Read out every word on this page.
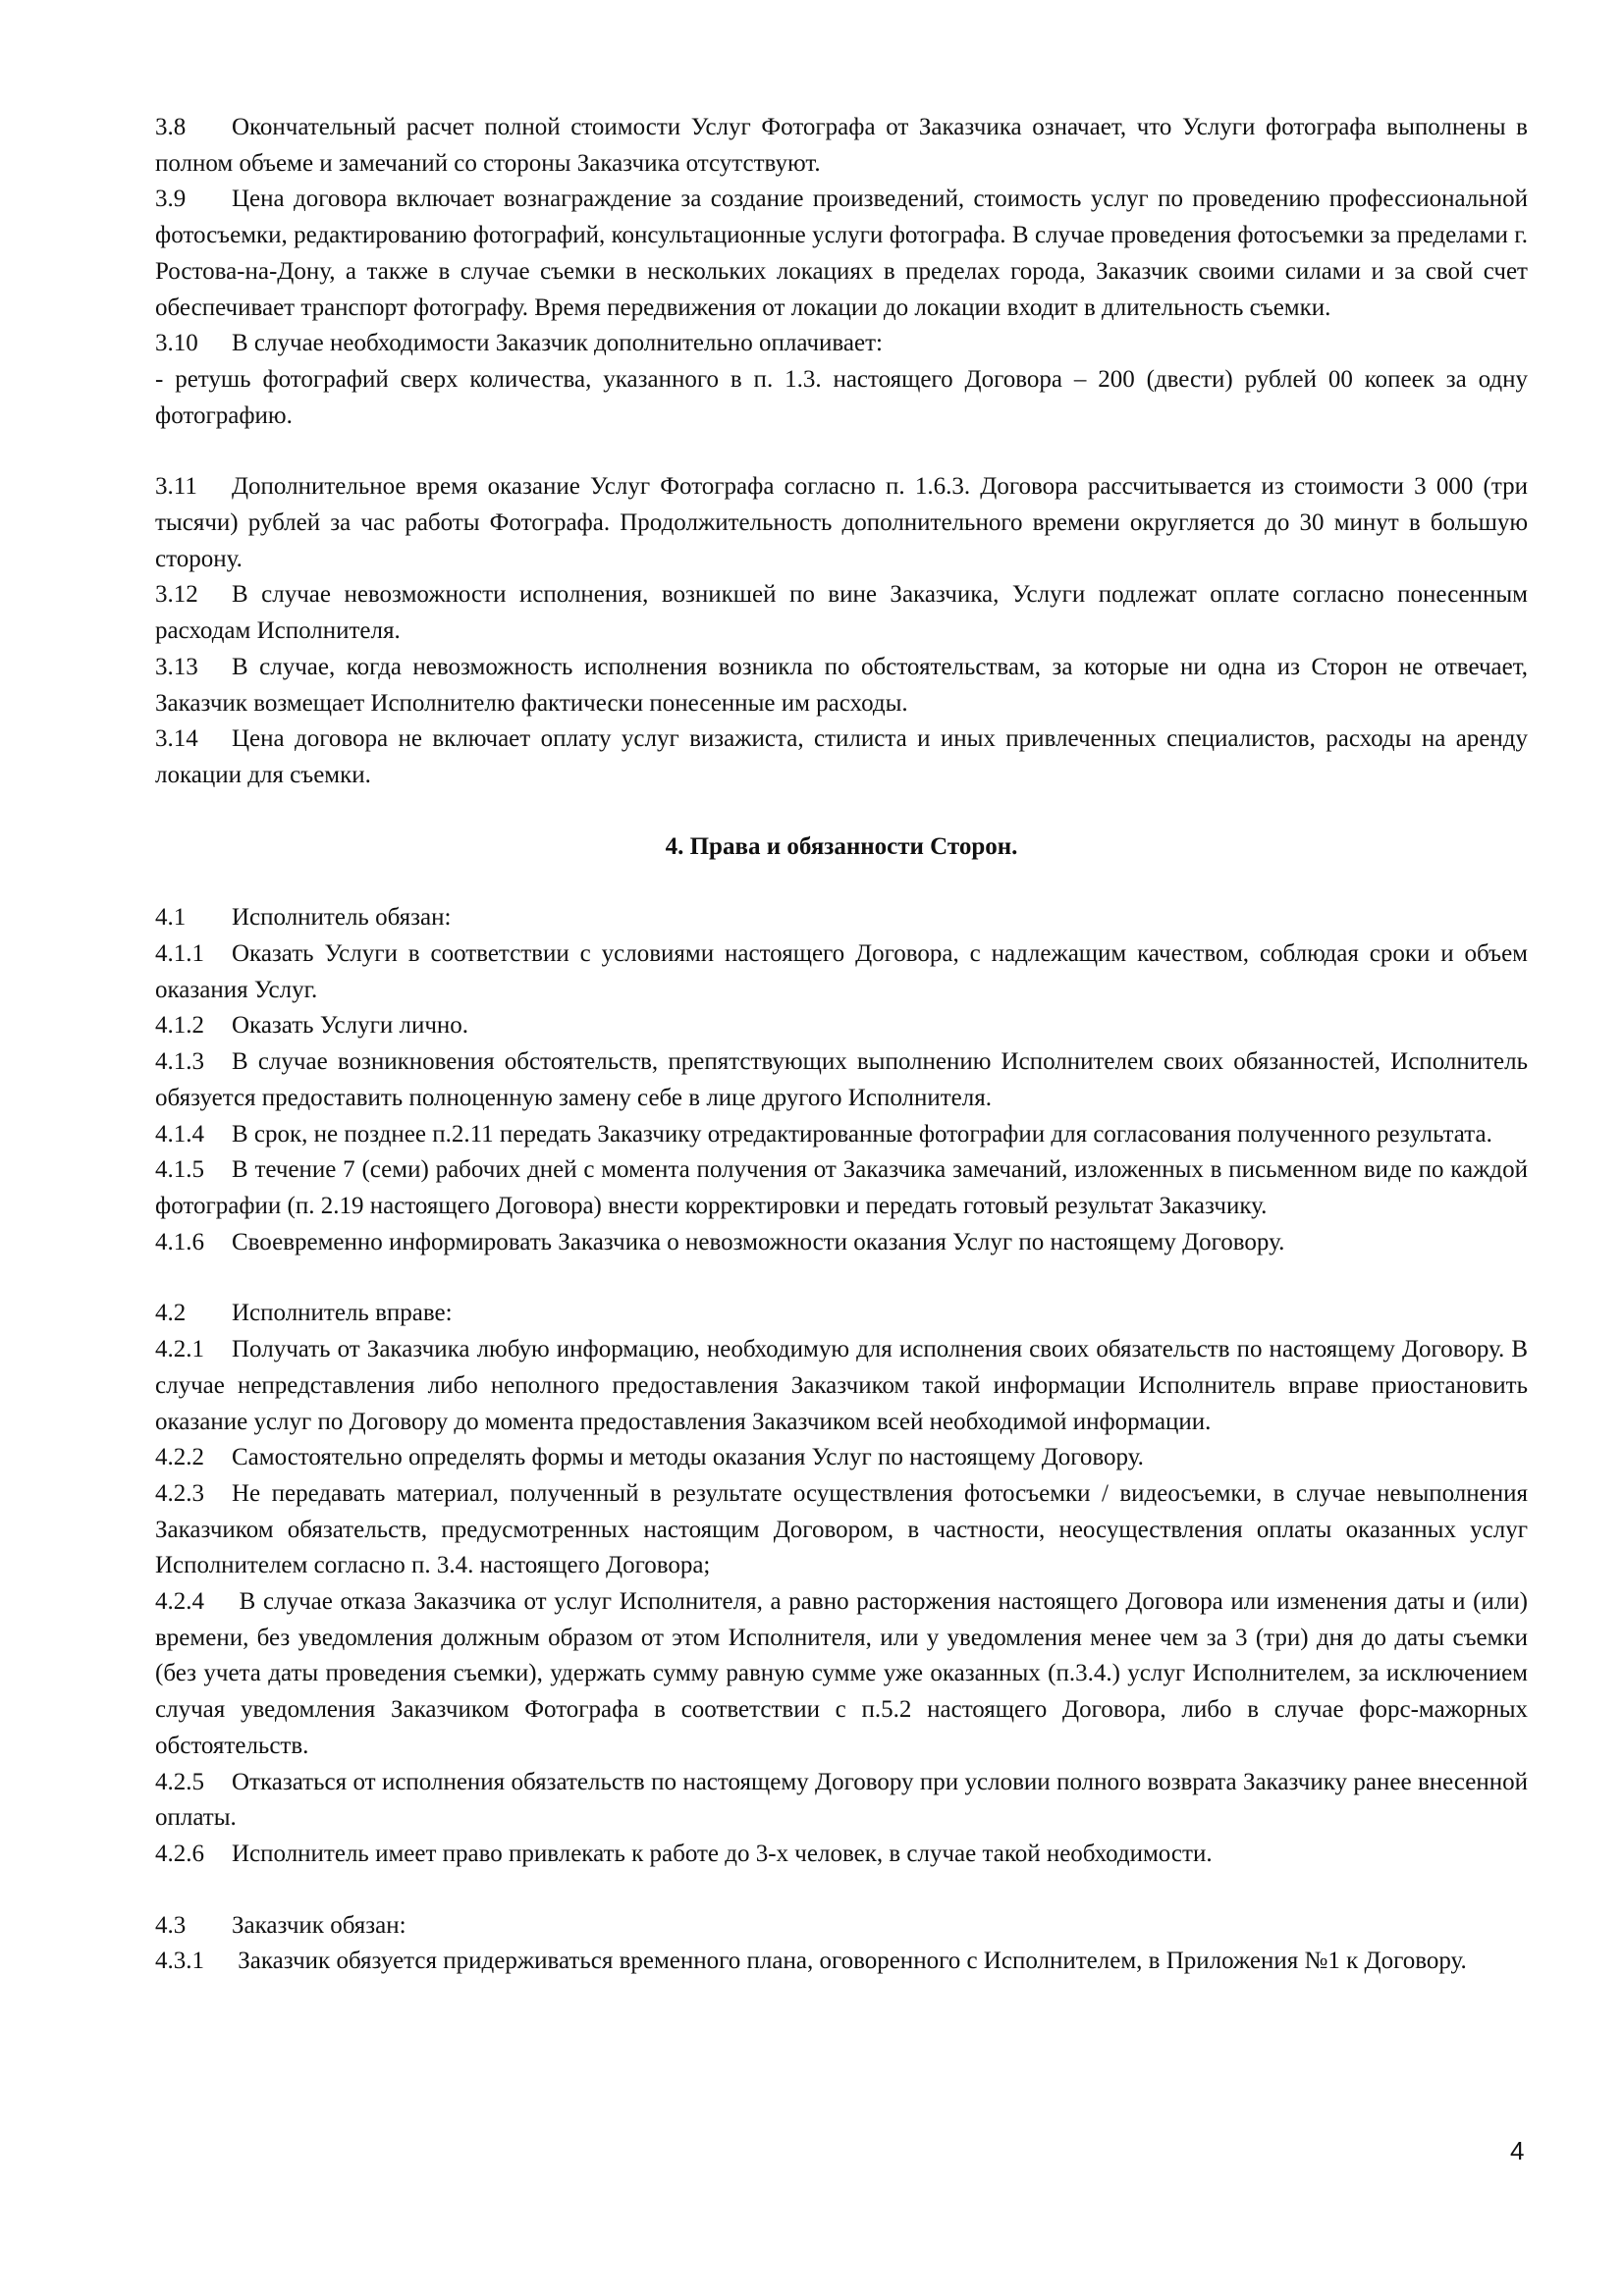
3.8 Окончательный расчет полной стоимости Услуг Фотографа от Заказчика означает, что Услуги фотографа выполнены в полном объеме и замечаний со стороны Заказчика отсутствуют.

3.9 Цена договора включает вознаграждение за создание произведений, стоимость услуг по проведению профессиональной фотосъемки, редактированию фотографий, консультационные услуги фотографа. В случае проведения фотосъемки за пределами г. Ростова-на-Дону, а также в случае съемки в нескольких локациях в пределах города, Заказчик своими силами и за свой счет обеспечивает транспорт фотографу. Время передвижения от локации до локации входит в длительность съемки.

3.10 В случае необходимости Заказчик дополнительно оплачивает:

- ретушь фотографий сверх количества, указанного в п. 1.3. настоящего Договора – 200 (двести) рублей 00 копеек за одну фотографию.

3.11 Дополнительное время оказание Услуг Фотографа согласно п. 1.6.3. Договора рассчитывается из стоимости 3 000 (три тысячи) рублей за час работы Фотографа. Продолжительность дополнительного времени округляется до 30 минут в большую сторону.

3.12 В случае невозможности исполнения, возникшей по вине Заказчика, Услуги подлежат оплате согласно понесенным расходам Исполнителя.

3.13 В случае, когда невозможность исполнения возникла по обстоятельствам, за которые ни одна из Сторон не отвечает, Заказчик возмещает Исполнителю фактически понесенные им расходы.

3.14 Цена договора не включает оплату услуг визажиста, стилиста и иных привлеченных специалистов, расходы на аренду локации для съемки.

4. Права и обязанности Сторон.

4.1 Исполнитель обязан:

4.1.1 Оказать Услуги в соответствии с условиями настоящего Договора, с надлежащим качеством, соблюдая сроки и объем оказания Услуг.

4.1.2 Оказать Услуги лично.

4.1.3 В случае возникновения обстоятельств, препятствующих выполнению Исполнителем своих обязанностей, Исполнитель обязуется предоставить полноценную замену себе в лице другого Исполнителя.

4.1.4 В срок, не позднее п.2.11 передать Заказчику отредактированные фотографии для согласования полученного результата.

4.1.5 В течение 7 (семи) рабочих дней с момента получения от Заказчика замечаний, изложенных в письменном виде по каждой фотографии (п. 2.19 настоящего Договора) внести корректировки и передать готовый результат Заказчику.

4.1.6 Своевременно информировать Заказчика о невозможности оказания Услуг по настоящему Договору.

4.2 Исполнитель вправе:

4.2.1 Получать от Заказчика любую информацию, необходимую для исполнения своих обязательств по настоящему Договору. В случае непредставления либо неполного предоставления Заказчиком такой информации Исполнитель вправе приостановить оказание услуг по Договору до момента предоставления Заказчиком всей необходимой информации.

4.2.2 Самостоятельно определять формы и методы оказания Услуг по настоящему Договору.

4.2.3 Не передавать материал, полученный в результате осуществления фотосъемки / видеосъемки, в случае невыполнения Заказчиком обязательств, предусмотренных настоящим Договором, в частности, неосуществления оплаты оказанных услуг Исполнителем согласно п. 3.4. настоящего Договора;

4.2.4 В случае отказа Заказчика от услуг Исполнителя, а равно расторжения настоящего Договора или изменения даты и (или) времени, без уведомления должным образом от этом Исполнителя, или у уведомления менее чем за 3 (три) дня до даты съемки (без учета даты проведения съемки), удержать сумму равную сумме уже оказанных (п.3.4.) услуг Исполнителем, за исключением случая уведомления Заказчиком Фотографа в соответствии с п.5.2 настоящего Договора, либо в случае форс-мажорных обстоятельств.

4.2.5 Отказаться от исполнения обязательств по настоящему Договору при условии полного возврата Заказчику ранее внесенной оплаты.

4.2.6 Исполнитель имеет право привлекать к работе до 3-х человек, в случае такой необходимости.

4.3 Заказчик обязан:

4.3.1 Заказчик обязуется придерживаться временного плана, оговоренного с Исполнителем, в Приложения №1 к Договору.

4
